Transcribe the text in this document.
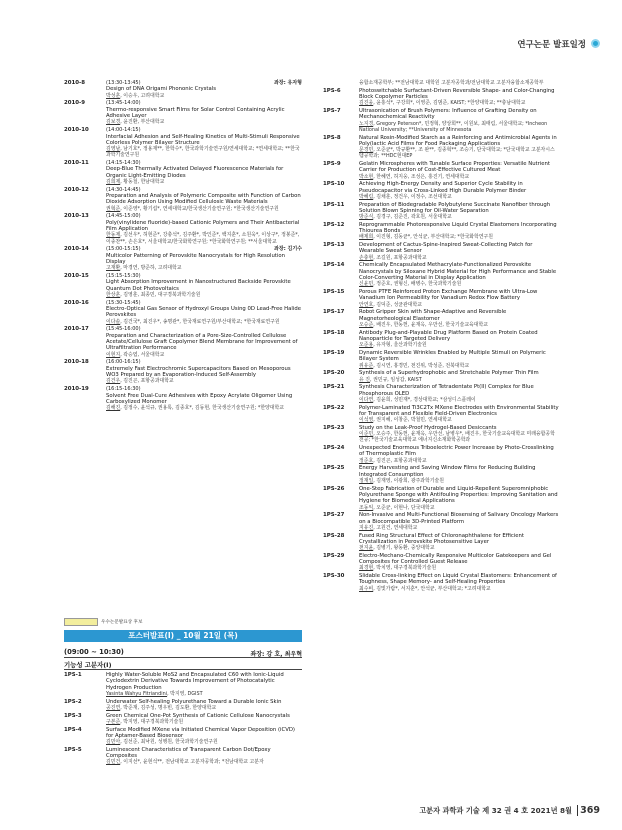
연구논문 발표일정
2010-8	(13:30-13:45)	좌장: 유자형
Design of DNA Origami Phononic Crystals
박성훈, 이승우, 고려대학교
2010-9	(13:45-14:00)
Thermo-responsive Smart Films for Solar Control Containing Acrylic Adhesive Layer
김보경, 윤진환, 부산대학교
2010-10	(14:00-14:15)
Interfacial Adhesion and Self-Healing Kinetics of Multi-Stimuli Responsive Colorless Polymer Bilayer Structure
김영남, 남기호*, 정용재**, 한학수*, 한국과학기술연구원/연세대학교; *연세대학교; **한국과학기술연구원
2010-11	(14:15-14:30)
Deep-Blue Thermally Activated Delayed Fluorescence Materials for Organic Light-Emitting Diodes
김희제, 황동철, 한남대학교
2010-12	(14:30-14:45)
Preparation and Analysis of Polymeric Composite with Function of Carbon Dioxide Adsorption Using Modified Cellulosic Waste Materials
권혁준, 이준영*, 황기섭*, 연세대학교/한국생산기술연구원; *한국생산기술연구원
2010-13	(14:45-15:00)
Poly(vinylidene fluoride)-based Cationic Polymers and Their Antibacterial Film Application
한동제, 김선우*, 허현준*, 강충석*, 김주환*, 박인준*, 백지훈*, 소원욱*, 이상구*, 정봉준*, 이종찬**, 손은호*, 서울대학교/한국화학연구원; *한국화학연구원; **서울대학교
2010-14	(15:00-15:15)	좌장: 김기수
Multicolor Patterning of Perovskite Nanocrystals for High Resolution Display
고재환, 마경연, 방준하, 고려대학교
2010-15	(15:15-15:30)
Light Absorption Improvement in Nanostructured Backside Perovskite Quantum Dot Photovoltaics
한상훈, 김영훈, 최종민, 대구경북과학기술원
2010-16	(15:30-15:45)
Electro-Optical Gas Sensor of Hydroxyl Groups Using 0D Lead-Free Halide Perovskites
이다솔, 김건국*, 최진우*, 송명관*, 한국재료연구원/부산대학교; *한국재료연구원
2010-17	(15:45-16:00)
Preparation and Characterization of a Pore-Size-Controlled Cellulose Acetate/Cellulose Graft Copolymer Blend Membrane for Improvement of Ultrafiltration Performance
이현지, 곽승엽, 서울대학교
2010-18	(16:00-16:15)
Extremely Fast Electrochromic Supercapacitors Based on Mesoporous WO3 Prepared by an Evaporation-Induced Self-Assembly
김건우, 김진곤, 포항공과대학교
2010-19	(16:15-16:30)
Solvent Free Dual-Cure Adhesives with Epoxy Acrylate Oligomer Using Carboxylized Monomer
김해진, 김정수, 윤석규, 권용록, 김종호*, 김동현, 한국생산기술연구원; *한양대학교
우수논문발표상 후보
포스터발표(I) _ 10월 21일 (목)
(09:00 ~ 10:30)	좌장: 강 호, 최우혁
기능성 고분자(I)
1PS-1	Highly Water-Soluble MoS2 and Encapsulated C60 with Ionic-Liquid Cyclodextrin Derivative Towards Improvement of Photocatalytic Hydrogen Production
Yasinta Wahyu Fitriandini, 박지영, DGIST
1PS-2	Underwater Self-healing Polyurethane Toward a Durable Ionic Skin
공진연, 박준재, 김주성, 명우빈, 김도환, 한양대학교
1PS-3	Green Chemical One-Pot Synthesis of Cationic Cellulose Nanocrystals
구본준, 박지영, 대구경북과학기술원
1PS-4	Surface Modified MXene via Initiated Chemical Vapor Deposition (iCVD) for Aptamer-Based Biosensor
김민아, 김선준, 최낙원, 성행원, 한국과학기술연구원
1PS-5	Luminescent Characteristics of Transparent Carbon Dot/Epoxy Composites
김민건, 이지선*, 윤현석**, 전남대학교 고분자공학과; *전남대학교 고분자
융합소재공학부; **전남대학교 대학원 고분자공학과/전남대학교 고분자융합소재공학부
1PS-6	Photoswitchable Surfactant-Driven Reversible Shape- and Color-Changing Block Copolymer Particles
김진웅, 윤홍석*, 구강희*, 이영준, 김범준, KAIST; *한양대학교; **충남대학교
1PS-7	Ultrasonication of Brush Polymers: Influence of Grafting Density on Mechanochemical Reactivity
노지경, Gregory Peterson*, 민정혁, 양상희**, 이원보, 최태림, 서울대학교; *Incheon National University; **University of Minnesota
1PS-8	Natural Rosin-Modified Starch as a Reinforcing and Antimicrobial Agents in Poly(lactic Acid Films for Food Packaging Applications
문경민, 오준균*, 박규환**, 조 완**, 김종혁**, 조승기, 단국대학교; *단국대학교 고분자시스템공학과; **HDC현대EP
1PS-9	Gelatin Microspheres with Tunable Surface Properties: Versatile Nutrient Carrier for Production of Cost-Effective Cultured Meat
박소현, 한혜연, 허지웅, 조성은, 홍진기, 연세대학교
1PS-10	Achieving High-Energy Density and Superior Cycle Stability in Pseudocapacitor via Cross-Linked High Durable Polymer Binder
박혜림, 김채훈, 정건우, 이정수, 조선대학교
1PS-11	Preparation of Biodegradable Polybutylene Succinate Nanofiber through Solution Blown Spinning for Oil-Water Separation
방준식, 김경구, 김준진, 곽호원, 서울대학교
1PS-12	Reprogrammable Photoresponsive Liquid Crystal Elastomers Incorporating Thiourea Bonds
배제희, 이진형, 김동균*, 안석균, 부산대학교; *한국화학연구원
1PS-13	Development of Cactus-Spine-Inspired Sweat-Collecting Patch for Wearable Sweat Sensor
손충현, 조길원, 포항공과대학교
1PS-14	Chemically Encapsulated Methacrylate-Functionalized Perovskite Nanocrystals by Siloxane Hybrid Material for High Performance and Stable Color-Converting Material in Display Application
신윤민, 정준호, 권형신, 배병수, 한국과학기술원
1PS-15	Porous PTFE Reinforced Proton Exchange Membrane with Ultra-Low Vanadium Ion Permeability for Vanadium Redox Flow Battery
안연호, 김덕준, 성균관대학교
1PS-17	Robot Gripper Skin with Shape-Adaptive and Reversible Magnetorheological Elastomer
오승준, 배진우, 한동헌, 윤재옥, 우만선, 한국기술교육대학교
1PS-18	Antibody Plug-and-Playable Drug Platform Based on Protein Coated Nanoparticle for Targeted Delivery
오준용, 유자형, 울산과학기술원
1PS-19	Dynamic Reversible Wrinkles Enabled by Multiple Stimuli on Polymeric Bilayer System
위유준, 김시연, 홍경민, 천진위, 박성준, 전북대학교
1PS-20	Synthesis of a Superhydrophobic and Stretchable Polymer Thin Film
유 진, 권민규, 임성갑, KAIST
1PS-21	Synthesis Characterization of Tetradentate Pt(II) Complex for Blue Phosphorous OLED
이다연, 김윤희, 성민재*, 경상대학교; *삼성디스플레이
1PS-22	Polymer-Laminated Ti3C2Tx MXene Electrodes with Environmental Stability for Transparent and Flexible Field-Driven Electronics
이석영, 권지혜, 이창준, 박철민, 연세대학교
1PS-23	Study on the Leak-Proof Hydrogel-Based Desiccants
이준민, 오승주, 한동헌, 윤재옥, 우만선, 남병우*, 배진우, 한국기술교육대학교 미래융합공학전공; *한국기술교육대학교 에너지신소재화학공학과
1PS-24	Unexpected Enormous Triboelectric Power Increase by Photo-Crosslinking of Thermoplastic Film
정준호, 김진곤, 포항공과대학교
1PS-25	Energy Harvesting and Saving Window Films for Reducing Building Integrated Consumption
정재일, 김재영, 이광희, 광주과학기술원
1PS-26	One-Step Fabrication of Durable and Liquid-Repellent Superomniphobic Polyurethane Sponge with Antifouling Properties: Improving Sanitation and Hygiene for Biomedical Applications
조동익, 오준균, 이현나, 단국대학교
1PS-27	Non-Invasive and Multi-Functional Biosensing of Salivary Oncology Markers on a Biocompatible 3D-Printed Platform
지유진, 고원건, 연세대학교
1PS-28	Fused Ring Structural Effect of Chloronaphthalene for Efficient Crystallization in Perovskite Photosensitive Layer
천지윤, 김병기, 왕동환, 중앙대학교
1PS-29	Electro-Mechano-Chemically Responsive Multicolor Gatekeepers and Gel Composites for Controlled Guest Release
최경현, 박치영, 대구경북과학기술원
1PS-30	Slidable Cross-linking Effect on Liquid Crystal Elastomers: Enhancement of Toughness, Shape Memory- and Self-Healing Properties
최수비, 김빛가람*, 서지훈*, 안석균, 부산대학교; *고려대학교
고분자 과학과 기술 제 32 권 4 호 2021년 8월 369
